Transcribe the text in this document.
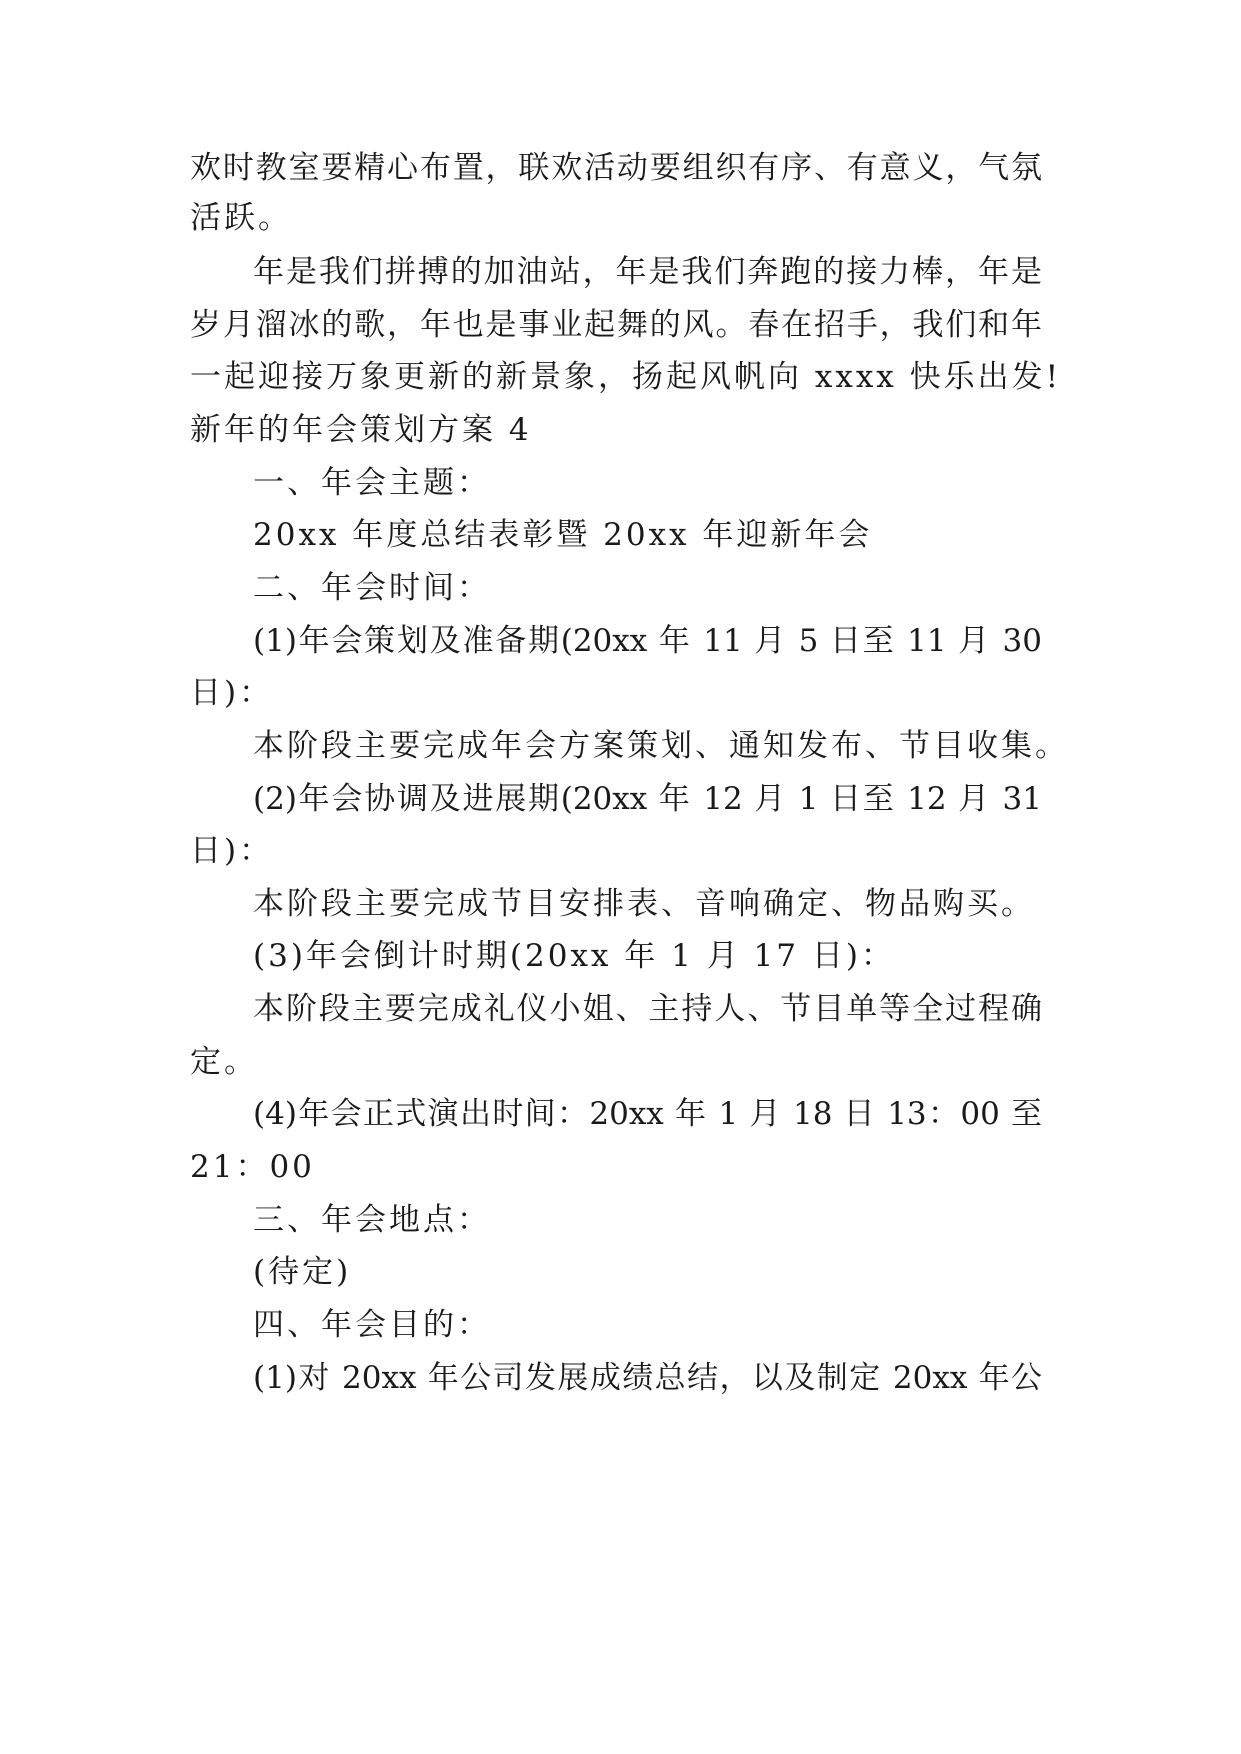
欢时教室要精心布置，联欢活动要组织有序、有意义，气氛

活跃。

年是我们拼搏的加油站，年是我们奔跑的接力棒，年是

岁月溜冰的歌，年也是事业起舞的风。春在招手，我们和年

一起迎接万象更新的新景象，扬起风帆向 xxxx 快乐出发!

新年的年会策划方案 4

一、年会主题：

20xx 年度总结表彰暨 20xx 年迎新年会

二、年会时间：

(1)年会策划及准备期(20xx 年 11 月 5 日至 11 月 30

日)：

本阶段主要完成年会方案策划、通知发布、节目收集。

(2)年会协调及进展期(20xx 年 12 月 1 日至 12 月 31

日)：

本阶段主要完成节目安排表、音响确定、物品购买。

(3)年会倒计时期(20xx 年 1 月 17 日)：

本阶段主要完成礼仪小姐、主持人、节目单等全过程确

定。

(4)年会正式演出时间：20xx 年 1 月 18 日 13：00 至

21：00

三、年会地点：

(待定)

四、年会目的：

(1)对 20xx 年公司发展成绩总结，以及制定 20xx 年公
